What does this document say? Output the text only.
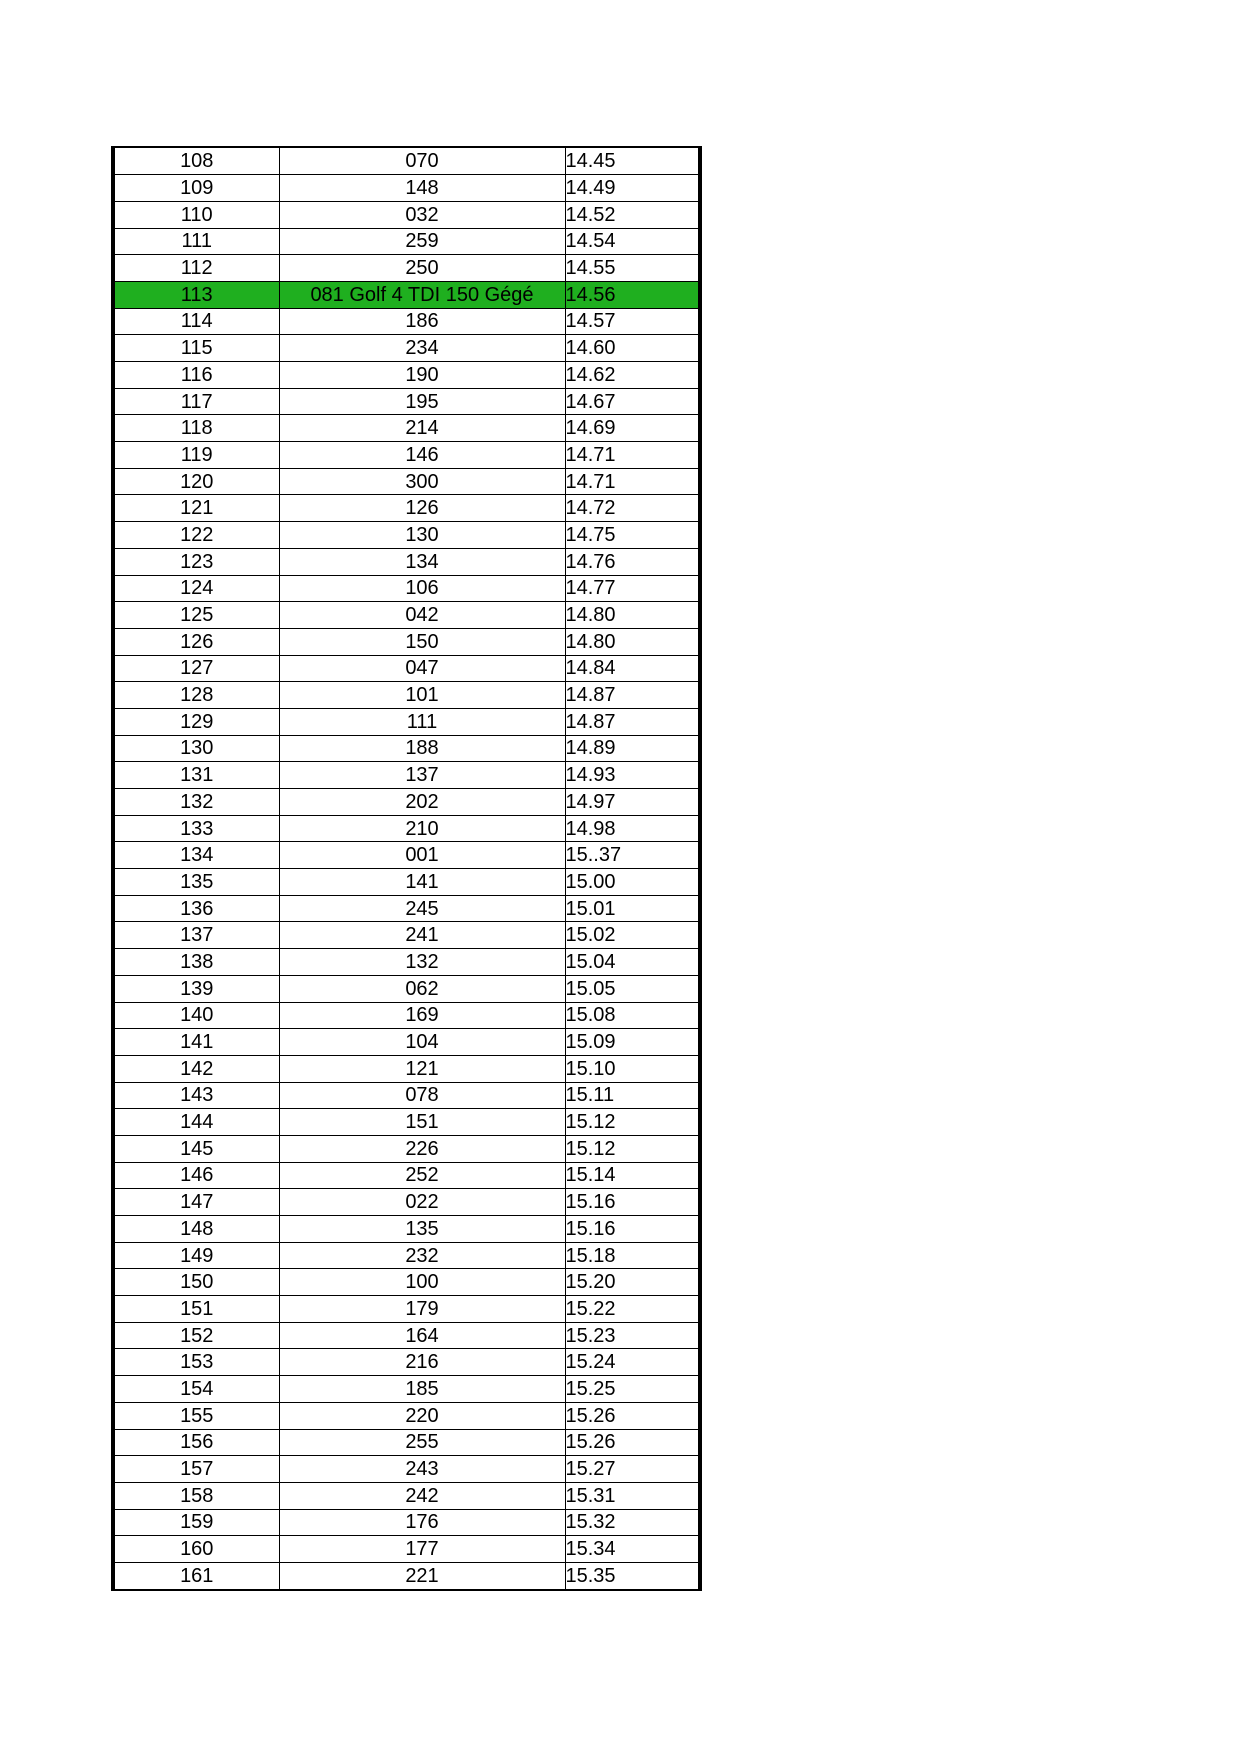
108	070	14.45
109	148	14.49
110	032	14.52
111	259	14.54
112	250	14.55
113	081 Golf 4 TDI 150 Gégé	14.56
114	186	14.57
115	234	14.60
116	190	14.62
117	195	14.67
118	214	14.69
119	146	14.71
120	300	14.71
121	126	14.72
122	130	14.75
123	134	14.76
124	106	14.77
125	042	14.80
126	150	14.80
127	047	14.84
128	101	14.87
129	111	14.87
130	188	14.89
131	137	14.93
132	202	14.97
133	210	14.98
134	001	15..37
135	141	15.00
136	245	15.01
137	241	15.02
138	132	15.04
139	062	15.05
140	169	15.08
141	104	15.09
142	121	15.10
143	078	15.11
144	151	15.12
145	226	15.12
146	252	15.14
147	022	15.16
148	135	15.16
149	232	15.18
150	100	15.20
151	179	15.22
152	164	15.23
153	216	15.24
154	185	15.25
155	220	15.26
156	255	15.26
157	243	15.27
158	242	15.31
159	176	15.32
160	177	15.34
161	221	15.35
